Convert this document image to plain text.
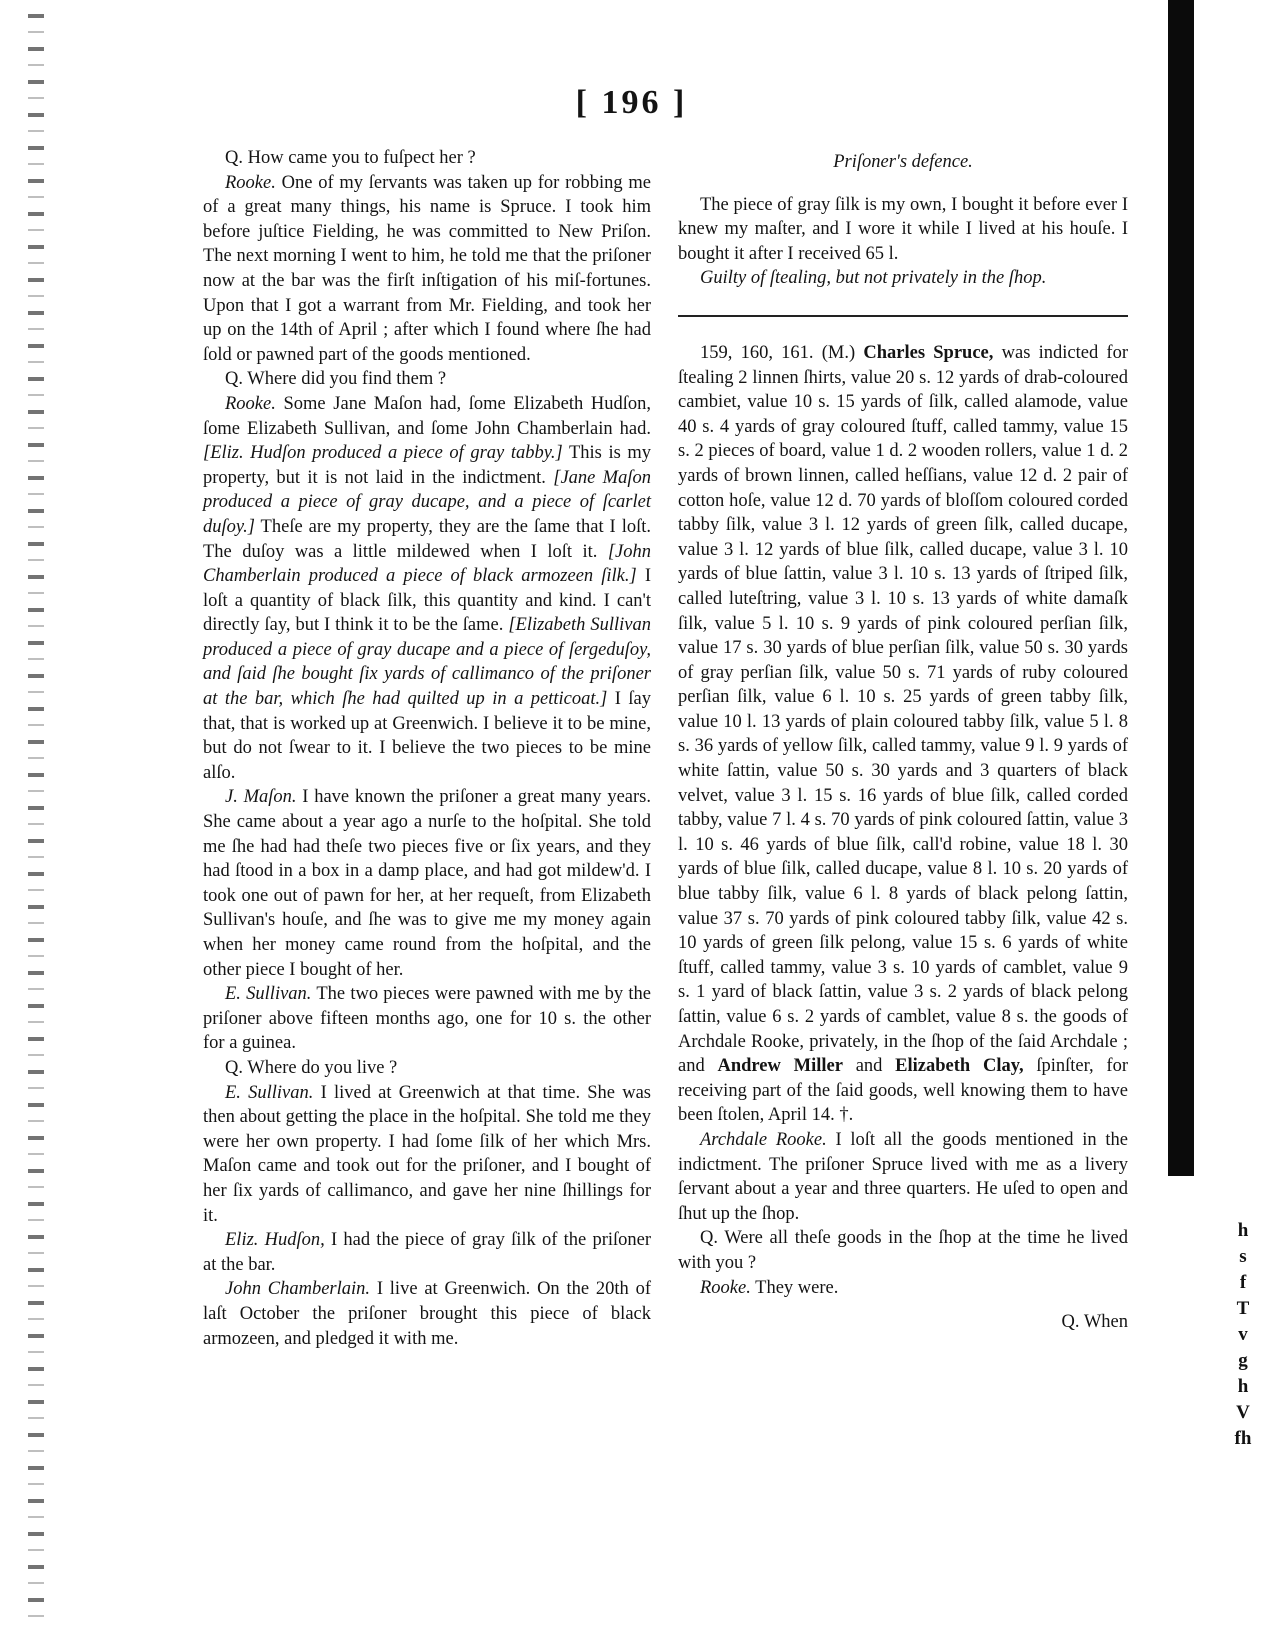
h
s
f
T
v
g
h
V
fh
[ 196 ]

Q. How came you to fuſpect her ?

Rooke. One of my ſervants was taken up for robbing me of a great many things, his name is Spruce. I took him before juſtice Fielding, he was committed to New Priſon. The next morning I went to him, he told me that the priſoner now at the bar was the firſt inſtigation of his miſ-fortunes. Upon that I got a warrant from Mr. Fielding, and took her up on the 14th of April ; after which I found where ſhe had ſold or pawned part of the goods mentioned.

Q. Where did you find them ?

Rooke. Some Jane Maſon had, ſome Elizabeth Hudſon, ſome Elizabeth Sullivan, and ſome John Chamberlain had. [Eliz. Hudſon produced a piece of gray tabby.] This is my property, but it is not laid in the indictment. [Jane Maſon produced a piece of gray ducape, and a piece of ſcarlet duſoy.] Theſe are my property, they are the ſame that I loſt. The duſoy was a little mildewed when I loſt it. [John Chamberlain produced a piece of black armozeen ſilk.] I loſt a quantity of black ſilk, this quantity and kind. I can't directly ſay, but I think it to be the ſame. [Elizabeth Sullivan produced a piece of gray ducape and a piece of ſergeduſoy, and ſaid ſhe bought ſix yards of callimanco of the priſoner at the bar, which ſhe had quilted up in a petticoat.] I ſay that, that is worked up at Greenwich. I believe it to be mine, but do not ſwear to it. I believe the two pieces to be mine alſo.

J. Maſon. I have known the priſoner a great many years. She came about a year ago a nurſe to the hoſpital. She told me ſhe had had theſe two pieces five or ſix years, and they had ſtood in a box in a damp place, and had got mildew'd. I took one out of pawn for her, at her requeſt, from Elizabeth Sullivan's houſe, and ſhe was to give me my money again when her money came round from the hoſpital, and the other piece I bought of her.

E. Sullivan. The two pieces were pawned with me by the priſoner above fifteen months ago, one for 10 s. the other for a guinea.

Q. Where do you live ?

E. Sullivan. I lived at Greenwich at that time. She was then about getting the place in the hoſpital. She told me they were her own property. I had ſome ſilk of her which Mrs. Maſon came and took out for the priſoner, and I bought of her ſix yards of callimanco, and gave her nine ſhillings for it.

Eliz. Hudſon, I had the piece of gray ſilk of the priſoner at the bar.

John Chamberlain. I live at Greenwich. On the 20th of laſt October the priſoner brought this piece of black armozeen, and pledged it with me.

Priſoner's defence.

The piece of gray ſilk is my own, I bought it before ever I knew my maſter, and I wore it while I lived at his houſe. I bought it after I received 65 l.

Guilty of ſtealing, but not privately in the ſhop.

159, 160, 161. (M.) Charles Spruce, was indicted for ſtealing 2 linnen ſhirts, value 20 s. 12 yards of drab-coloured cambiet, value 10 s. 15 yards of ſilk, called alamode, value 40 s. 4 yards of gray coloured ſtuff, called tammy, value 15 s. 2 pieces of board, value 1 d. 2 wooden rollers, value 1 d. 2 yards of brown linnen, called heſſians, value 12 d. 2 pair of cotton hoſe, value 12 d. 70 yards of bloſſom coloured corded tabby ſilk, value 3 l. 12 yards of green ſilk, called ducape, value 3 l. 12 yards of blue ſilk, called ducape, value 3 l. 10 yards of blue ſattin, value 3 l. 10 s. 13 yards of ſtriped ſilk, called luteſtring, value 3 l. 10 s. 13 yards of white damaſk ſilk, value 5 l. 10 s. 9 yards of pink coloured perſian ſilk, value 17 s. 30 yards of blue perſian ſilk, value 50 s. 30 yards of gray perſian ſilk, value 50 s. 71 yards of ruby coloured perſian ſilk, value 6 l. 10 s. 25 yards of green tabby ſilk, value 10 l. 13 yards of plain coloured tabby ſilk, value 5 l. 8 s. 36 yards of yellow ſilk, called tammy, value 9 l. 9 yards of white ſattin, value 50 s. 30 yards and 3 quarters of black velvet, value 3 l. 15 s. 16 yards of blue ſilk, called corded tabby, value 7 l. 4 s. 70 yards of pink coloured ſattin, value 3 l. 10 s. 46 yards of blue ſilk, call'd robine, value 18 l. 30 yards of blue ſilk, called ducape, value 8 l. 10 s. 20 yards of blue tabby ſilk, value 6 l. 8 yards of black pelong ſattin, value 37 s. 70 yards of pink coloured tabby ſilk, value 42 s. 10 yards of green ſilk pelong, value 15 s. 6 yards of white ſtuff, called tammy, value 3 s. 10 yards of camblet, value 9 s. 1 yard of black ſattin, value 3 s. 2 yards of black pelong ſattin, value 6 s. 2 yards of camblet, value 8 s. the goods of Archdale Rooke, privately, in the ſhop of the ſaid Archdale ; and Andrew Miller and Elizabeth Clay, ſpinſter, for receiving part of the ſaid goods, well knowing them to have been ſtolen, April 14. †.

Archdale Rooke. I loſt all the goods mentioned in the indictment. The priſoner Spruce lived with me as a livery ſervant about a year and three quarters. He uſed to open and ſhut up the ſhop.

Q. Were all theſe goods in the ſhop at the time he lived with you ?

Rooke. They were.

Q. When
